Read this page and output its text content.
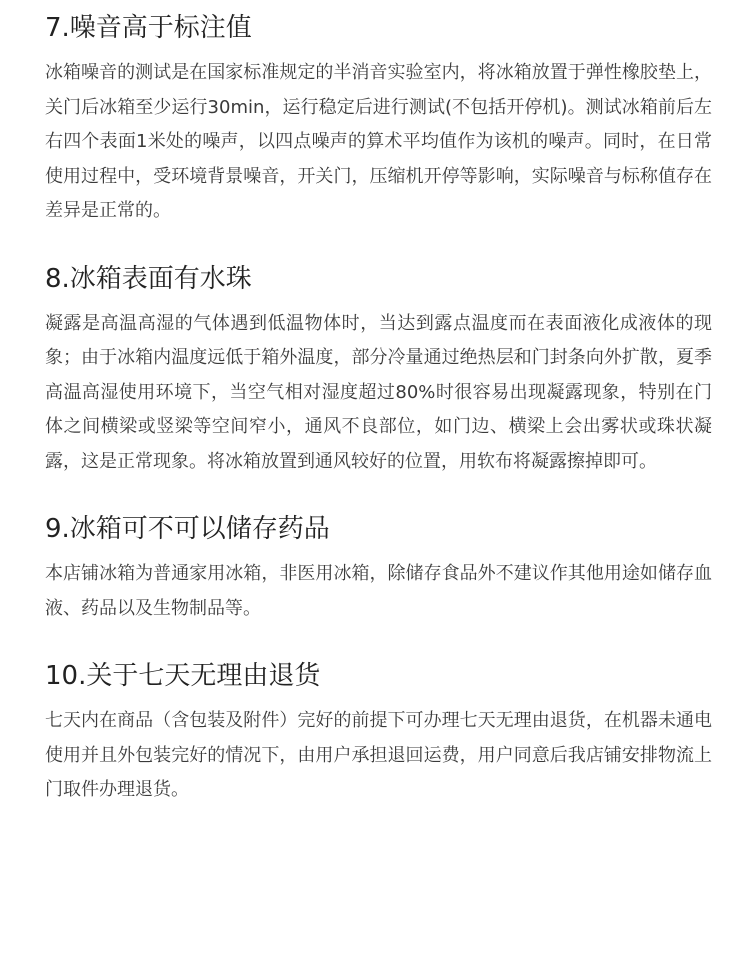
7.噪音高于标注值

冰箱噪音的测试是在国家标准规定的半消音实验室内，将冰箱放置于弹性橡胶垫上，关门后冰箱至少运行30min，运行稳定后进行测试(不包括开停机)。测试冰箱前后左右四个表面1米处的噪声，以四点噪声的算术平均值作为该机的噪声。同时，在日常使用过程中，受环境背景噪音，开关门，压缩机开停等影响，实际噪音与标称值存在差异是正常的。

8.冰箱表面有水珠

凝露是高温高湿的气体遇到低温物体时，当达到露点温度而在表面液化成液体的现象；由于冰箱内温度远低于箱外温度，部分冷量通过绝热层和门封条向外扩散，夏季高温高湿使用环境下，当空气相对湿度超过80%时很容易出现凝露现象，特别在门体之间横梁或竖梁等空间窄小，通风不良部位，如门边、横梁上会出雾状或珠状凝露，这是正常现象。将冰箱放置到通风较好的位置，用软布将凝露擦掉即可。

9.冰箱可不可以储存药品

本店铺冰箱为普通家用冰箱，非医用冰箱，除储存食品外不建议作其他用途如储存血液、药品以及生物制品等。

10.关于七天无理由退货

七天内在商品（含包装及附件）完好的前提下可办理七天无理由退货，在机器未通电使用并且外包装完好的情况下，由用户承担退回运费，用户同意后我店铺安排物流上门取件办理退货。
